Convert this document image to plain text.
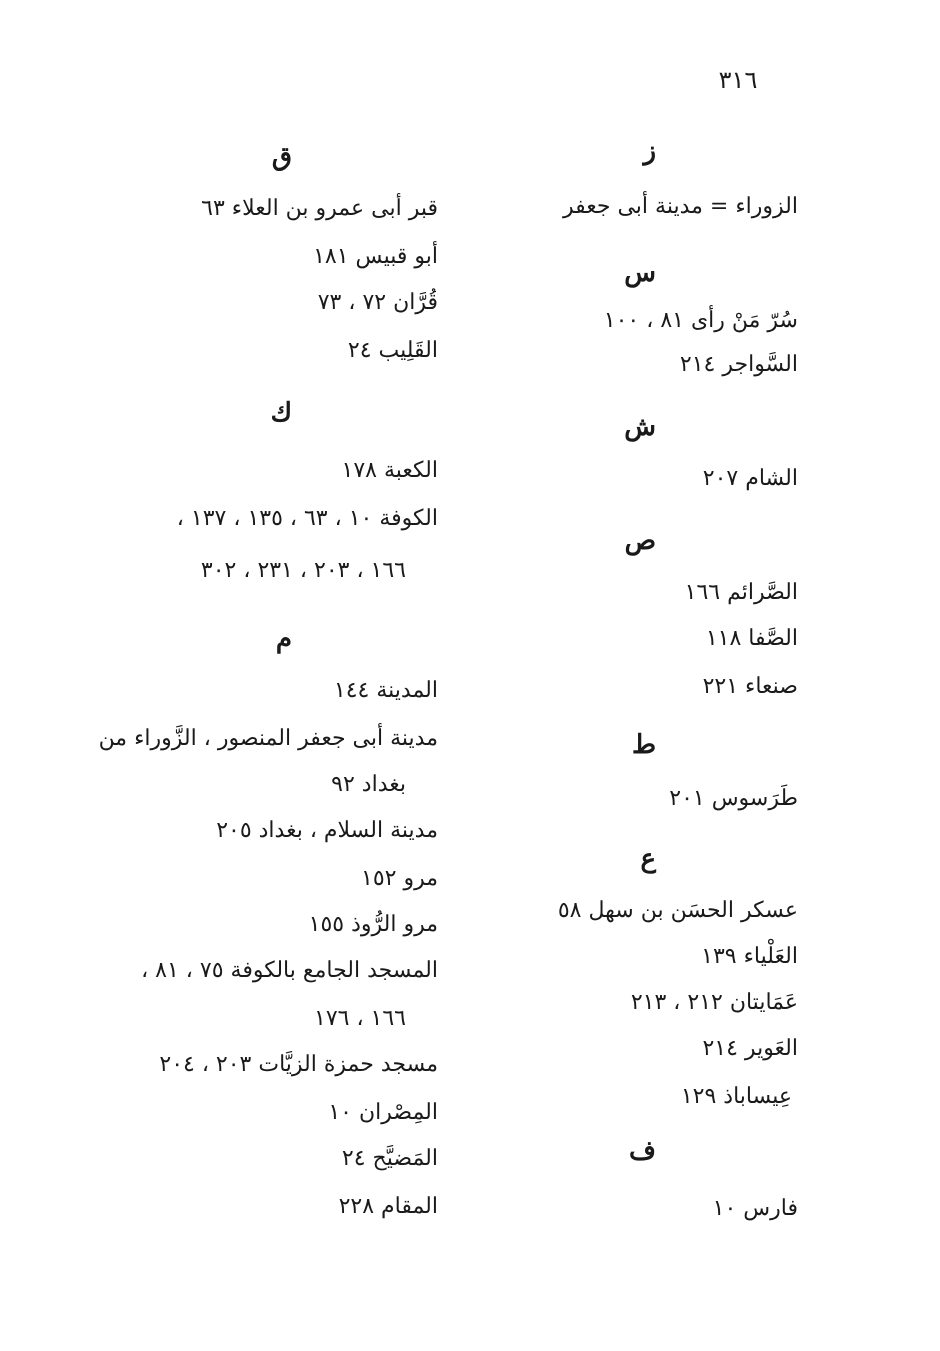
٣١٦
ز
الزوراء = مدينة أبى جعفر
س
سُرّ مَنْ رأى ٨١ ، ١٠٠
السَّواجر ٢١٤
ش
الشام ٢٠٧
ص
الصَّرائم ١٦٦
الصَّفا ١١٨
صنعاء ٢٢١
ط
طَرَسوس ٢٠١
ع
عسكر الحسَن بن سهل ٥٨
العَلْياء ١٣٩
عَمَايتان ٢١٢ ، ٢١٣
العَوير ٢١٤
عِيساباذ ١٢٩
ف
فارس ١٠
ق
قبر أبى عمرو بن العلاء ٦٣
أبو قبيس ١٨١
قُرَّان ٧٢ ، ٧٣
القَلِيب ٢٤
ك
الكعبة ١٧٨
الكوفة ١٠ ، ٦٣ ، ١٣٥ ، ١٣٧ ،
١٦٦ ، ٢٠٣ ، ٢٣١ ، ٣٠٢
م
المدينة ١٤٤
مدينة أبى جعفر المنصور ، الزَّوراء من
بغداد ٩٢
مدينة السلام ، بغداد ٢٠٥
مرو ١٥٢
مرو الرُّوذ ١٥٥
المسجد الجامع بالكوفة ٧٥ ، ٨١ ،
١٦٦ ، ١٧٦
مسجد حمزة الزيَّات ٢٠٣ ، ٢٠٤
المِصْران ١٠
المَضيَّح ٢٤
المقام ٢٢٨
